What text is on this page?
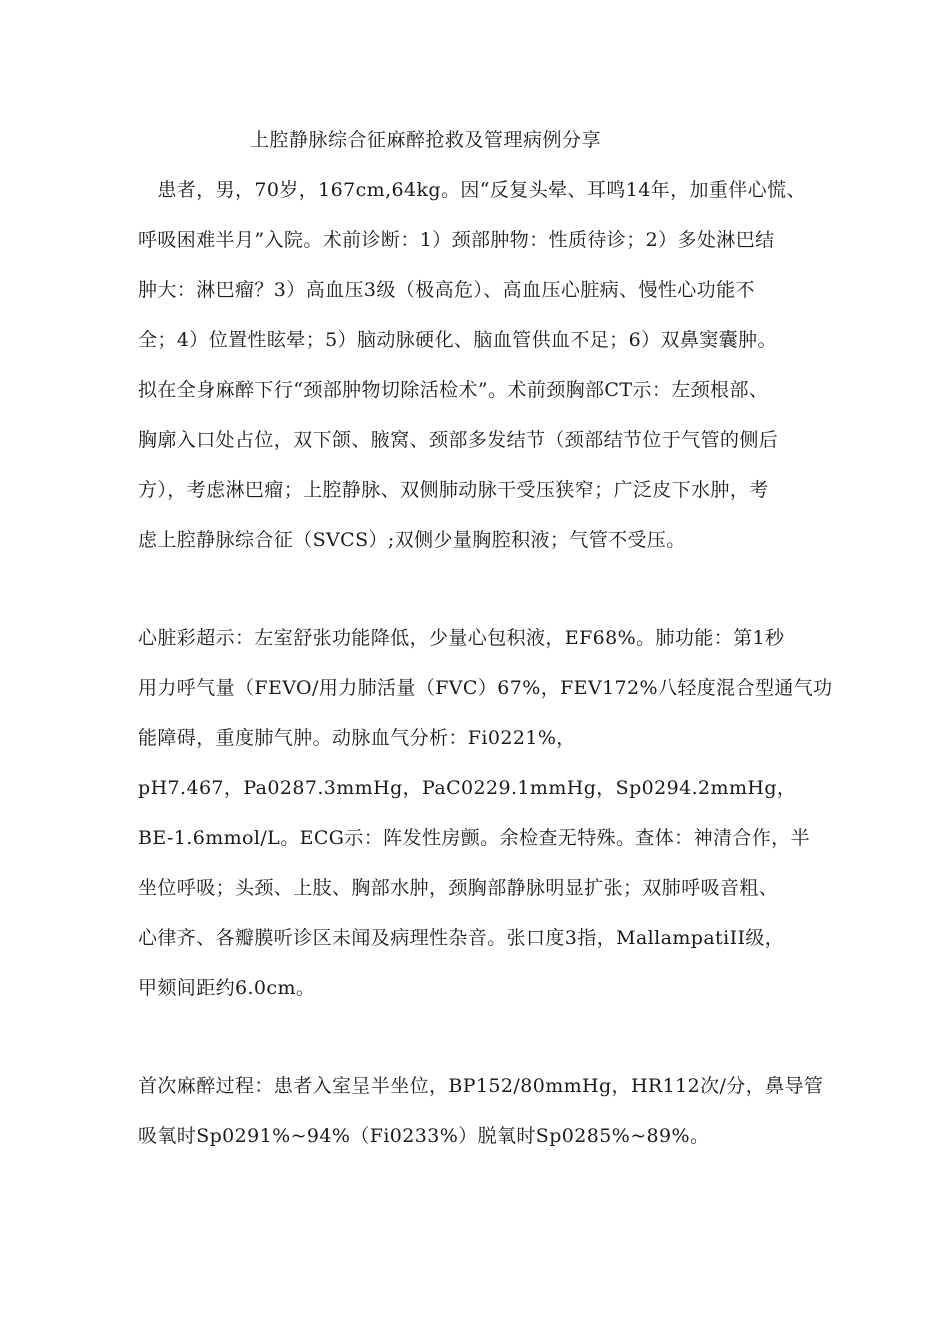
上腔静脉综合征麻醉抢救及管理病例分享
　患者，男，70岁，167cm,64kg。因“反复头晕、耳鸣14年，加重伴心慌、
呼吸困难半月”入院。术前诊断：1）颈部肿物：性质待诊；2）多处淋巴结
肿大：淋巴瘤？3）高血压3级（极高危）、高血压心脏病、慢性心功能不
全；4）位置性眩晕；5）脑动脉硬化、脑血管供血不足；6）双鼻窦囊肿。
拟在全身麻醉下行“颈部肿物切除活检术”。术前颈胸部CT示：左颈根部、
胸廓入口处占位，双下颌、腋窝、颈部多发结节（颈部结节位于气管的侧后
方），考虑淋巴瘤；上腔静脉、双侧肺动脉干受压狭窄；广泛皮下水肿，考
虑上腔静脉综合征（SVCS）;双侧少量胸腔积液；气管不受压。
心脏彩超示：左室舒张功能降低，少量心包积液，EF68%。肺功能：第1秒
用力呼气量（FEVO/用力肺活量（FVC）67%，FEV172%八轻度混合型通气功
能障碍，重度肺气肿。动脉血气分析：Fi0221%，
pH7.467，Pa0287.3mmHg，PaC0229.1mmHg，Sp0294.2mmHg，
BE-1.6mmol/L。ECG示：阵发性房颤。余检查无特殊。查体：神清合作，半
坐位呼吸；头颈、上肢、胸部水肿，颈胸部静脉明显扩张；双肺呼吸音粗、
心律齐、各瓣膜听诊区未闻及病理性杂音。张口度3指，MallampatiII级，
甲颏间距约6.0cm。
首次麻醉过程：患者入室呈半坐位，BP152/80mmHg，HR112次/分，鼻导管
吸氧时Sp0291%~94%（Fi0233%）脱氧时Sp0285%~89%。
